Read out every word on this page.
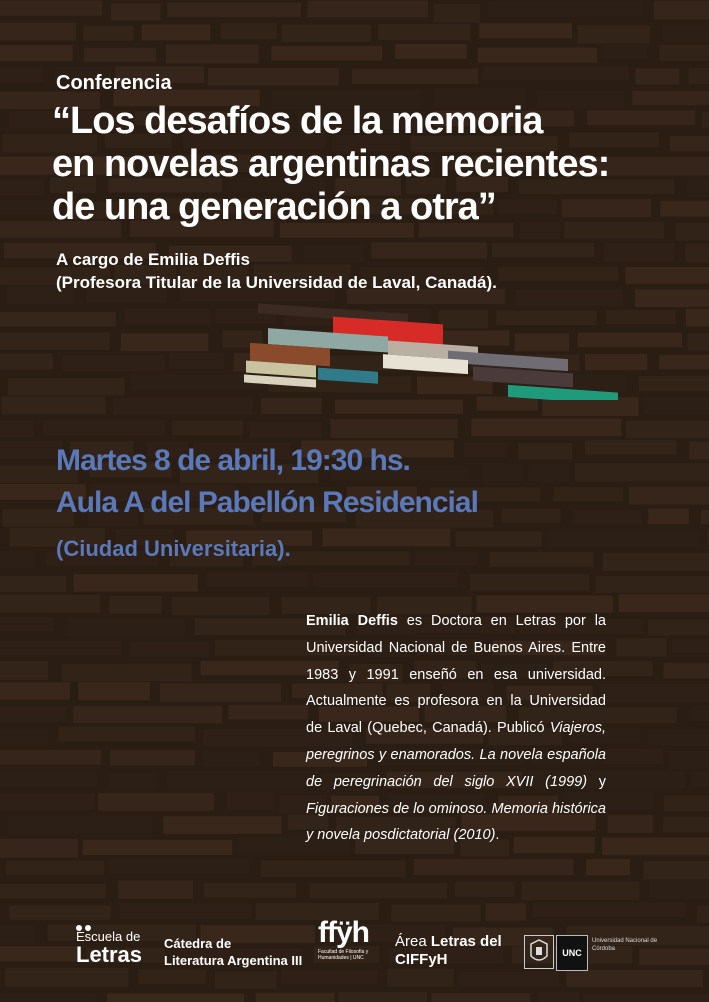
Conferencia
“Los desafíos de la memoria
en novelas argentinas recientes:
de una generación a otra”
A cargo de Emilia Deffis
(Profesora Titular de la Universidad de Laval, Canadá).
Martes 8 de abril, 19:30 hs.
Aula A del Pabellón Residencial
(Ciudad Universitaria).
Emilia Deffis es Doctora en Letras por la Universidad Nacional de Buenos Aires. Entre 1983 y 1991 enseñó en esa universidad. Actualmente es profesora en la Universidad de Laval (Quebec, Canadá). Publicó Viajeros, peregrinos y enamorados. La novela española de peregrinación del siglo XVII (1999) y Figuraciones de lo ominoso. Memoria histórica y novela posdictatorial (2010).
Escuela de
Letras Cátedra de
Literatura Argentina III
ffÿh
Facultad de Filosofía y Humanidades | UNC
Área Letras del
CIFFyH	UNC
Universidad Nacional de Córdoba
